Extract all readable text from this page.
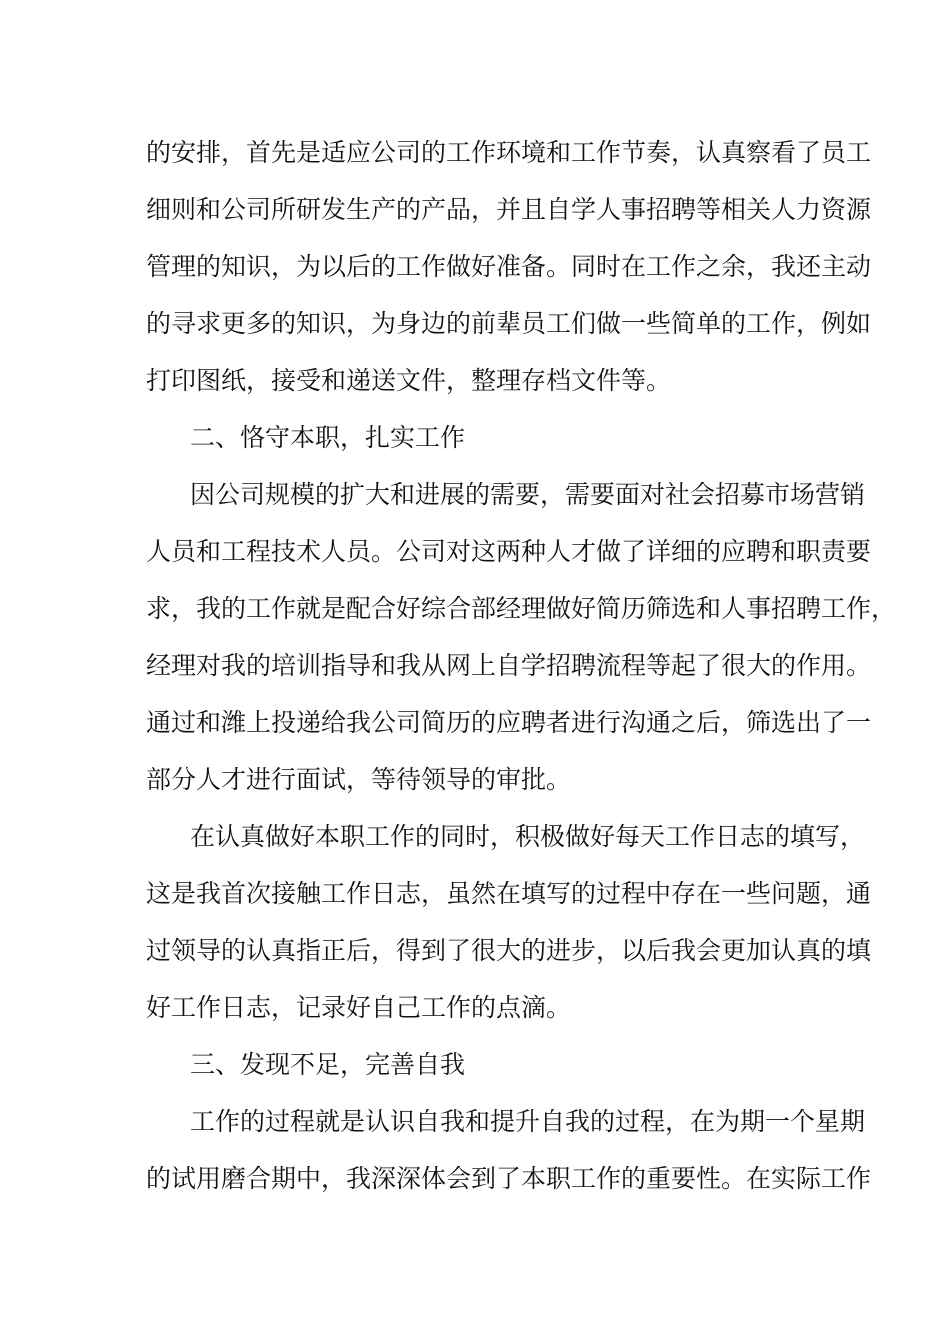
的安排，首先是适应公司的工作环境和工作节奏，认真察看了员工
细则和公司所研发生产的产品，并且自学人事招聘等相关人力资源
管理的知识，为以后的工作做好准备。同时在工作之余，我还主动
的寻求更多的知识，为身边的前辈员工们做一些简单的工作，例如
打印图纸，接受和递送文件，整理存档文件等。
二、恪守本职，扎实工作
因公司规模的扩大和进展的需要，需要面对社会招募市场营销
人员和工程技术人员。公司对这两种人才做了详细的应聘和职责要
求，我的工作就是配合好综合部经理做好简历筛选和人事招聘工作，
经理对我的培训指导和我从网上自学招聘流程等起了很大的作用。
通过和潍上投递给我公司简历的应聘者进行沟通之后，筛选出了一
部分人才进行面试，等待领导的审批。
在认真做好本职工作的同时，积极做好每天工作日志的填写，
这是我首次接触工作日志，虽然在填写的过程中存在一些问题，通
过领导的认真指正后，得到了很大的进步，以后我会更加认真的填
好工作日志，记录好自己工作的点滴。
三、发现不足，完善自我
工作的过程就是认识自我和提升自我的过程，在为期一个星期
的试用磨合期中，我深深体会到了本职工作的重要性。在实际工作
